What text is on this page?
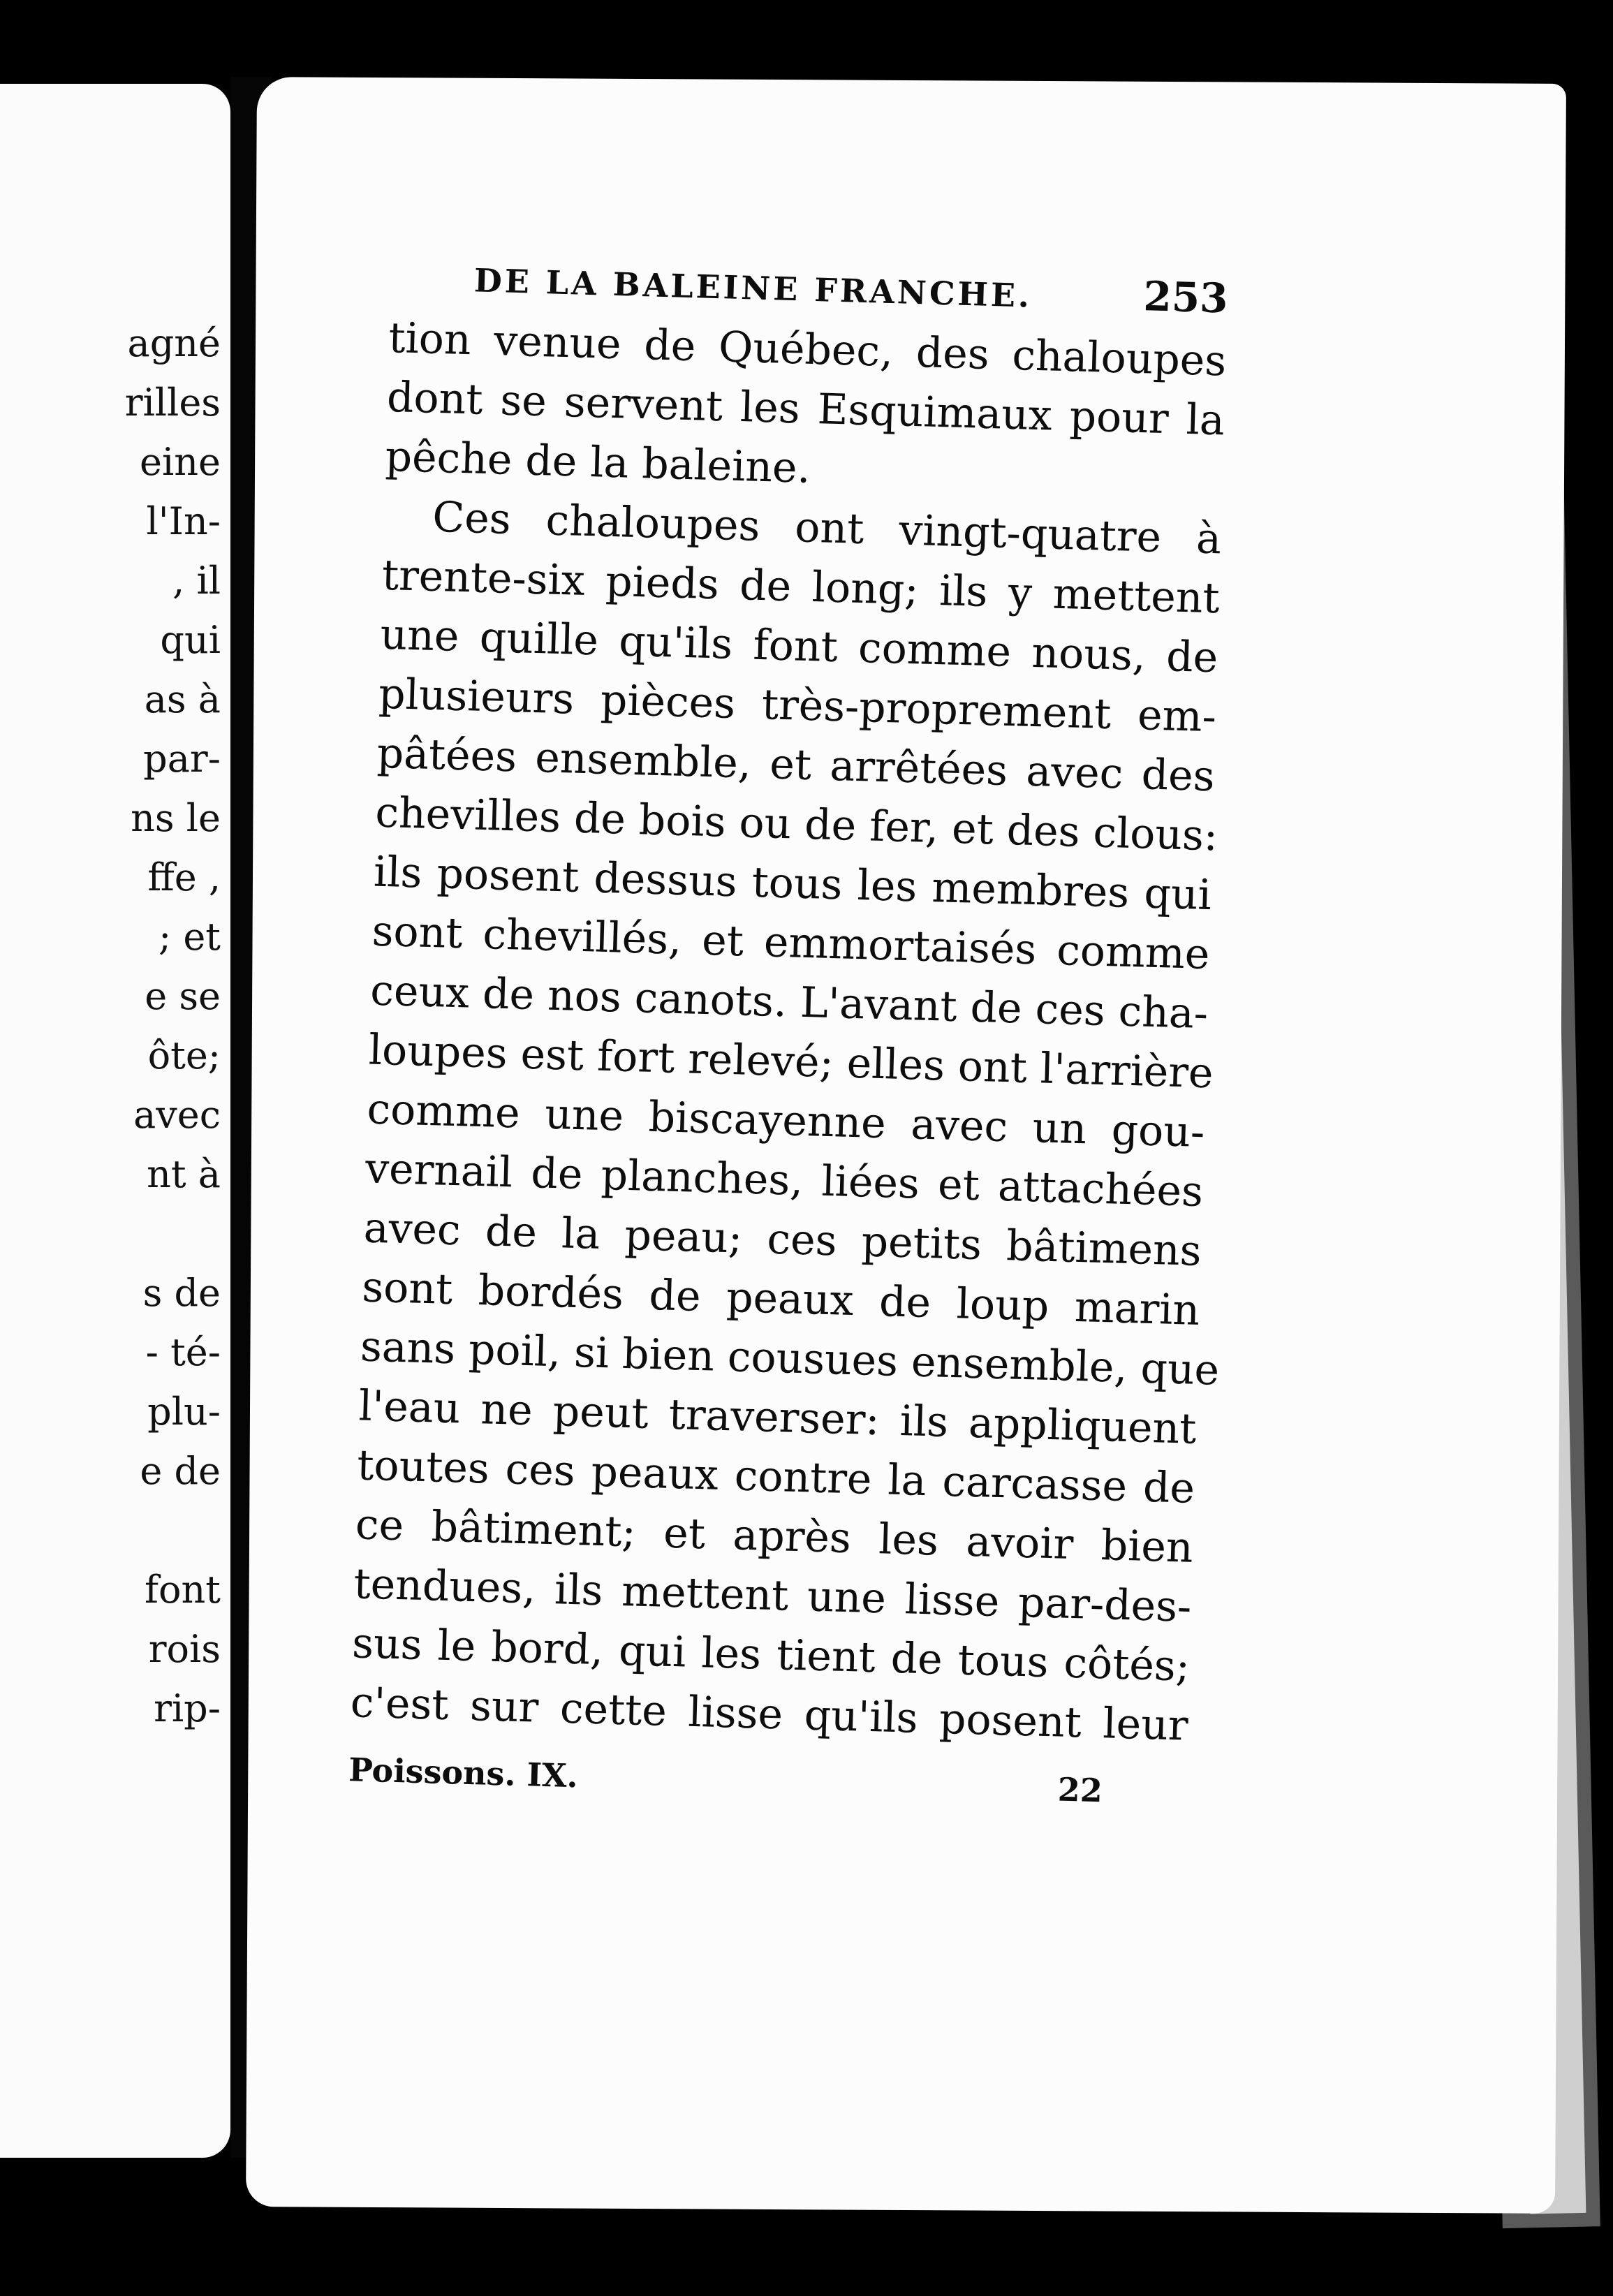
agné
rilles
eine
l'In-
, il
qui
as à
par-
ns le
ffe ,
; et
e se
ôte;
avec
nt à
s de
- té-
plu-
e de
font
rois
rip-
DE LA BALEINE FRANCHE.	253
tion venue de Québec, des chaloupes
dont se servent les Esquimaux pour la
pêche de la baleine.
Ces chaloupes ont vingt-quatre à
trente-six pieds de long; ils y mettent
une quille qu'ils font comme nous, de
plusieurs pièces très-proprement em-
pâtées ensemble, et arrêtées avec des
chevilles de bois ou de fer, et des clous:
ils posent dessus tous les membres qui
sont chevillés, et emmortaisés comme
ceux de nos canots. L'avant de ces cha-
loupes est fort relevé; elles ont l'arrière
comme une biscayenne avec un gou-
vernail de planches, liées et attachées
avec de la peau; ces petits bâtimens
sont bordés de peaux de loup marin
sans poil, si bien cousues ensemble, que
l'eau ne peut traverser: ils appliquent
toutes ces peaux contre la carcasse de
ce bâtiment; et après les avoir bien
tendues, ils mettent une lisse par-des-
sus le bord, qui les tient de tous côtés;
c'est sur cette lisse qu'ils posent leur
Poissons. IX.	22
